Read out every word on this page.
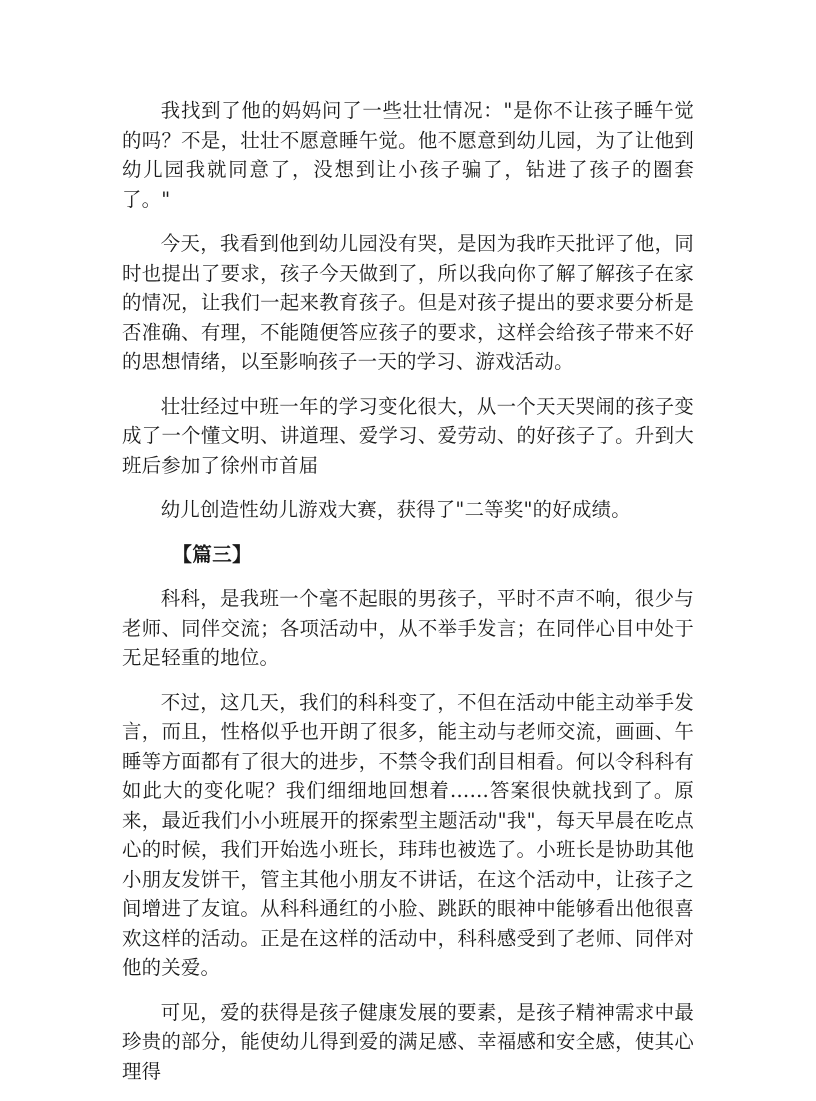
我找到了他的妈妈问了一些壮壮情况："是你不让孩子睡午觉的吗？不是，壮壮不愿意睡午觉。他不愿意到幼儿园，为了让他到幼儿园我就同意了，没想到让小孩子骗了，钻进了孩子的圈套了。"

今天，我看到他到幼儿园没有哭，是因为我昨天批评了他，同时也提出了要求，孩子今天做到了，所以我向你了解了解孩子在家的情况，让我们一起来教育孩子。但是对孩子提出的要求要分析是否准确、有理，不能随便答应孩子的要求，这样会给孩子带来不好的思想情绪，以至影响孩子一天的学习、游戏活动。

壮壮经过中班一年的学习变化很大，从一个天天哭闹的孩子变成了一个懂文明、讲道理、爱学习、爱劳动、的好孩子了。升到大班后参加了徐州市首届

幼儿创造性幼儿游戏大赛，获得了"二等奖"的好成绩。

【篇三】

科科，是我班一个毫不起眼的男孩子，平时不声不响，很少与老师、同伴交流；各项活动中，从不举手发言；在同伴心目中处于无足轻重的地位。

不过，这几天，我们的科科变了，不但在活动中能主动举手发言，而且，性格似乎也开朗了很多，能主动与老师交流，画画、午睡等方面都有了很大的进步，不禁令我们刮目相看。何以令科科有如此大的变化呢？我们细细地回想着……答案很快就找到了。原来，最近我们小小班展开的探索型主题活动"我"，每天早晨在吃点心的时候，我们开始选小班长，玮玮也被选了。小班长是协助其他小朋友发饼干，管主其他小朋友不讲话，在这个活动中，让孩子之间增进了友谊。从科科通红的小脸、跳跃的眼神中能够看出他很喜欢这样的活动。正是在这样的活动中，科科感受到了老师、同伴对他的关爱。

可见，爱的获得是孩子健康发展的要素，是孩子精神需求中最珍贵的部分，能使幼儿得到爱的满足感、幸福感和安全感，使其心理得
